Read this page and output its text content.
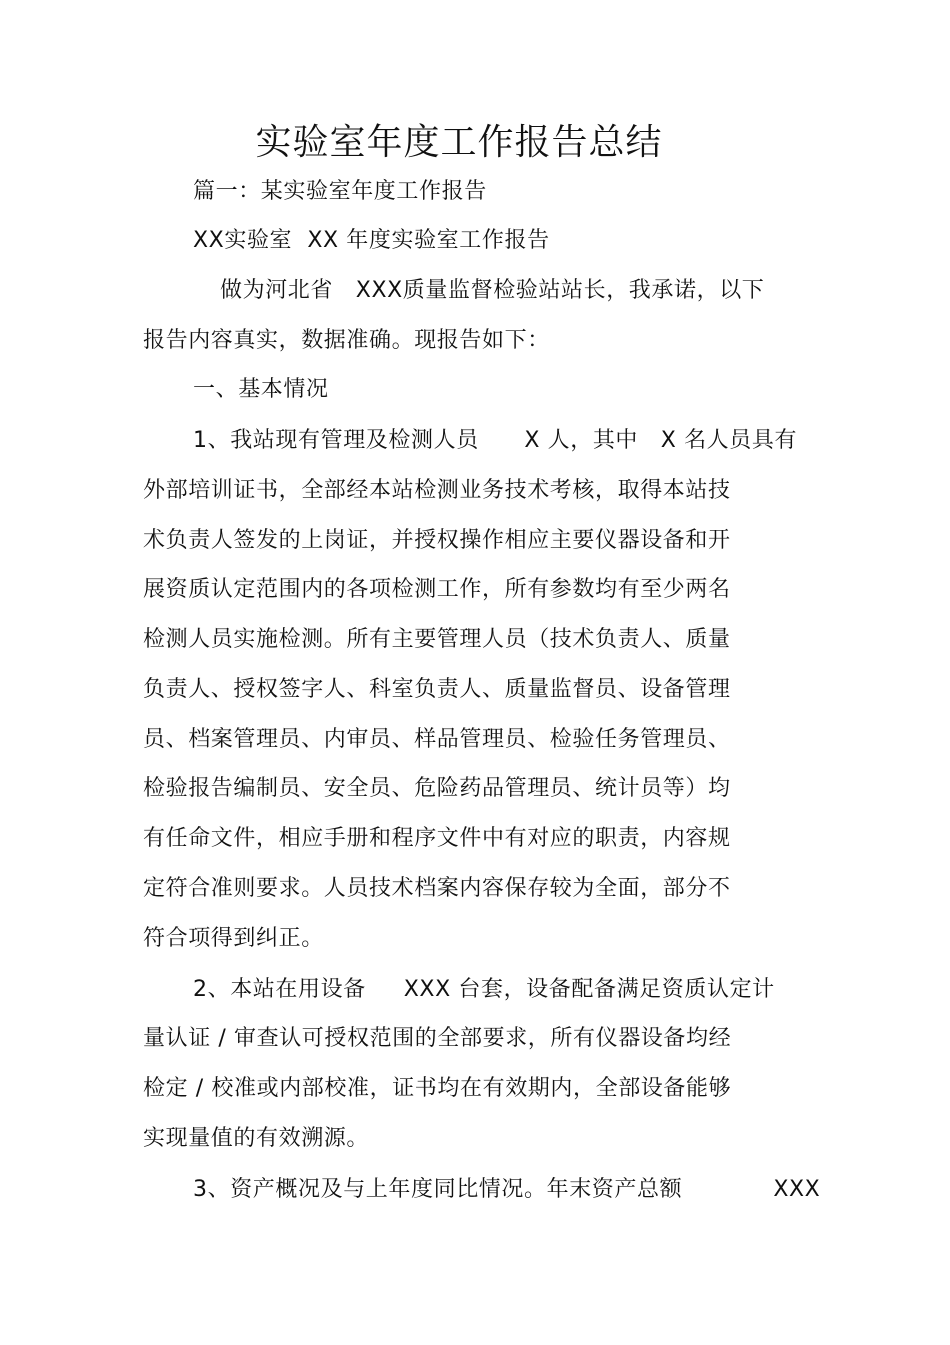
实验室年度工作报告总结
篇一：某实验室年度工作报告
XX实验室  XX 年度实验室工作报告
做为河北省   XXX质量监督检验站站长，我承诺，以下
报告内容真实，数据准确。现报告如下：
一、基本情况
1、我站现有管理及检测人员      X 人，其中   X 名人员具有
外部培训证书，全部经本站检测业务技术考核，取得本站技
术负责人签发的上岗证，并授权操作相应主要仪器设备和开
展资质认定范围内的各项检测工作，所有参数均有至少两名
检测人员实施检测。所有主要管理人员（技术负责人、质量
负责人、授权签字人、科室负责人、质量监督员、设备管理
员、档案管理员、内审员、样品管理员、检验任务管理员、
检验报告编制员、安全员、危险药品管理员、统计员等）均
有任命文件，相应手册和程序文件中有对应的职责，内容规
定符合准则要求。人员技术档案内容保存较为全面，部分不
符合项得到纠正。
2、本站在用设备     XXX 台套，设备配备满足资质认定计
量认证 / 审查认可授权范围的全部要求，所有仪器设备均经
检定 / 校准或内部校准，证书均在有效期内，全部设备能够
实现量值的有效溯源。
3、资产概况及与上年度同比情况。年末资产总额            XXX
